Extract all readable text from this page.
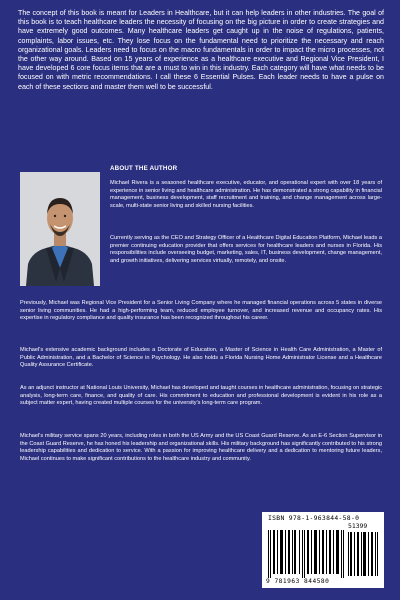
The concept of this book is meant for Leaders in Healthcare, but it can help leaders in other industries. The goal of this book is to teach healthcare leaders the necessity of focusing on the big picture in order to create strategies and have extremely good outcomes. Many healthcare leaders get caught up in the noise of regulations, patients, complaints, labor issues, etc. They lose focus on the fundamental need to prioritize the necessary and reach organizational goals. Leaders need to focus on the macro fundamentals in order to impact the micro processes, not the other way around. Based on 15 years of experience as a healthcare executive and Regional Vice President, I have developed 6 core focus items that are a must to win in this industry. Each category will have what needs to be focused on with metric recommendations. I call these 6 Essential Pulses. Each leader needs to have a pulse on each of these sections and master them well to be successful.

ABOUT THE AUTHOR

Michael Rivera is a seasoned healthcare executive, educator, and operational expert with over 18 years of experience in senior living and healthcare administration. He has demonstrated a strong capability in financial management, business development, staff recruitment and training, and change management across large-scale, multi-state senior living and skilled nursing facilities.

Currently serving as the CEO and Strategy Officer of a Healthcare Digital Education Platform, Michael leads a premier continuing education provider that offers services for healthcare leaders and nurses in Florida. His responsibilities include overseeing budget, marketing, sales, IT, business development, change management, and growth initiatives, delivering services virtually, remotely, and onsite.

Previously, Michael was Regional Vice President for a Senior Living Company where he managed financial operations across 5 states in diverse senior living communities. He had a high-performing team, reduced employee turnover, and increased revenue and occupancy rates. His expertise in regulatory compliance and quality insurance has been recognized throughout his career.

Michael's extensive academic background includes a Doctorate of Education, a Master of Science in Health Care Administration, a Master of Public Administration, and a Bachelor of Science in Psychology. He also holds a Florida Nursing Home Administrator License and a Healthcare Quality Assurance Certificate.

As an adjunct instructor at National Louis University, Michael has developed and taught courses in healthcare administration, focusing on strategic analysis, long-term care, finance, and quality of care. His commitment to education and professional development is evident in his role as a subject matter expert, having created multiple courses for the university's long-term care program.

Michael's military service spans 20 years, including roles in both the US Army and the US Coast Guard Reserve. As an E-6 Section Supervisor in the Coast Guard Reserve, he has honed his leadership and organizational skills. His military background has significantly contributed to his strong leadership capabilities and dedication to service. With a passion for improving healthcare delivery and a dedication to mentoring future leaders, Michael continues to make significant contributions to the healthcare industry and community.

ISBN 978-1-963844-58-0
51399
9 781963 844580
